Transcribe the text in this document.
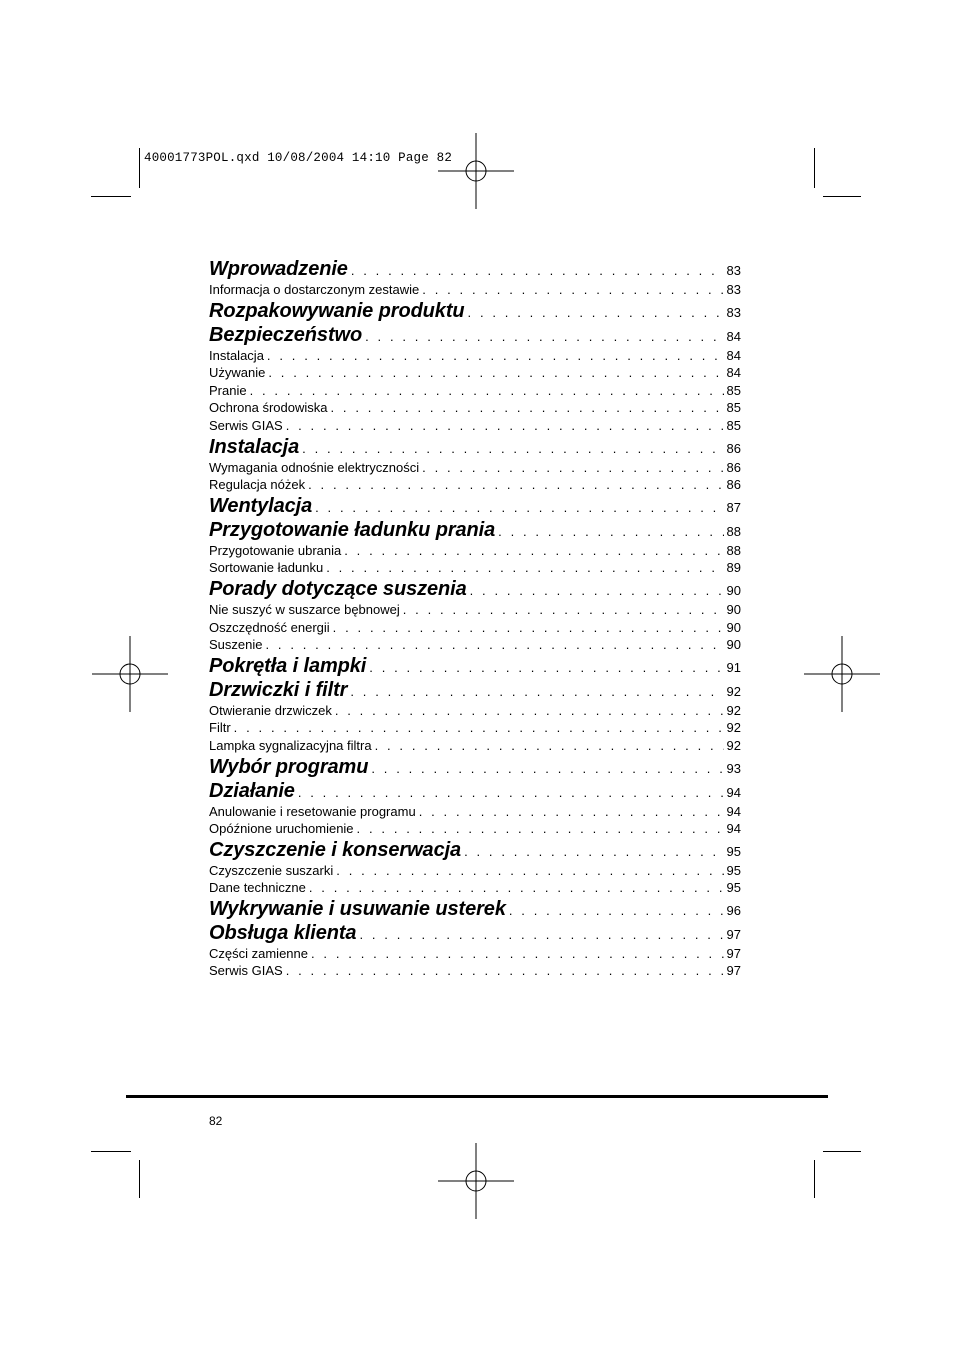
40001773POL.qxd 10/08/2004 14:10 Page 82
Wprowadzenie . . .	83
Informacja o dostarczonym zestawie . . .	83
Rozpakowywanie produktu . . .	83
Bezpieczeństwo . . .	84
Instalacja . . .	84
Używanie . . .	84
Pranie . . .	85
Ochrona środowiska . . .	85
Serwis GIAS . . .	85
Instalacja . . .	86
Wymagania odnośnie elektryczności . . .	86
Regulacja nóżek . . .	86
Wentylacja . . .	87
Przygotowanie ładunku prania . . .	88
Przygotowanie ubrania . . .	88
Sortowanie ładunku . . .	89
Porady dotyczące suszenia . . .	90
Nie suszyć w suszarce bębnowej . . .	90
Oszczędność energii . . .	90
Suszenie . . .	90
Pokrętła i lampki . . .	91
Drzwiczki i filtr . . .	92
Otwieranie drzwiczek . . .	92
Filtr . . .	92
Lampka sygnalizacyjna filtra . . .	92
Wybór programu . . .	93
Działanie . . .	94
Anulowanie i resetowanie programu . . .	94
Opóźnione uruchomienie . . .	94
Czyszczenie i konserwacja . . .	95
Czyszczenie suszarki . . .	95
Dane techniczne . . .	95
Wykrywanie i usuwanie usterek . . .	96
Obsługa klienta . . .	97
Części zamienne . . .	97
Serwis GIAS . . .	97
82
